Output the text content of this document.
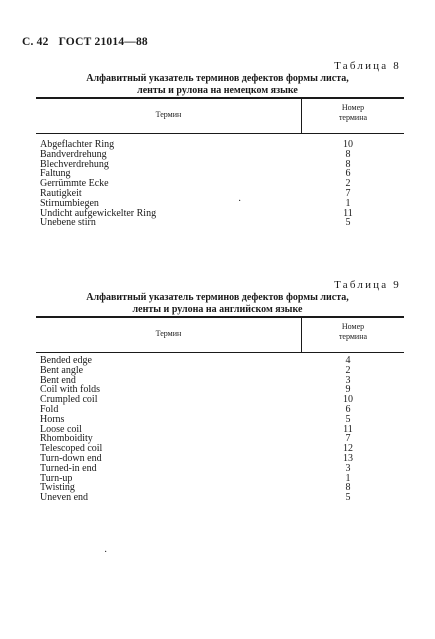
С. 42 ГОСТ 21014—88
Таблица 8
Алфавитный указатель терминов дефектов формы листа,
ленты и рулона на немецком языке
Термин
Номер
термина
Abgeflachter Ring	10
Bandverdrehung	8
Blechverdrehung	8
Faltung	6
Gerrümmte Ecke	2
Rautigkeit	7
Stirnumbiegen	1
Undicht aufgewickelter Ring	11
Unebene stirn	5
·
Таблица 9
Алфавитный указатель терминов дефектов формы листа,
ленты и рулона на английском языке
Термин
Номер
термина
Bended edge	4
Bent angle	2
Bent end	3
Coil with folds	9
Crumpled coil	10
Fold	6
Horns	5
Loose coil	11
Rhomboidity	7
Telescoped coil	12
Turn-down end	13
Turned-in end	3
Turn-up	1
Twisting	8
Uneven end	5
·
